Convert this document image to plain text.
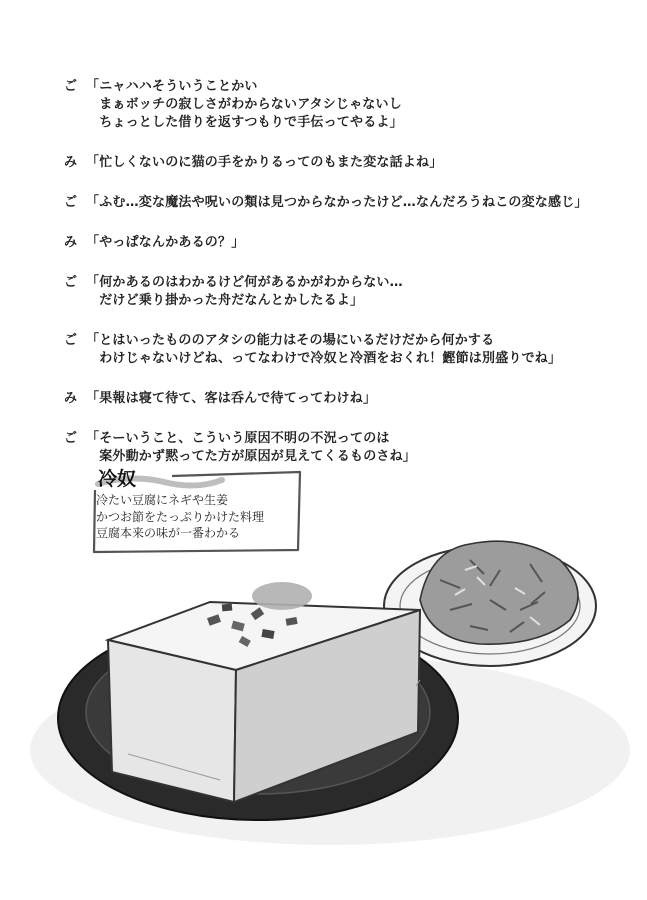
ご 「ニャハハそういうことかい
　まぁボッチの寂しさがわからないアタシじゃないし
　ちょっとした借りを返すつもりで手伝ってやるよ」
み 「忙しくないのに猫の手をかりるってのもまた変な話よね」
ご 「ふむ…変な魔法や呪いの類は見つからなかったけど…なんだろうねこの変な感じ」
み 「やっぱなんかあるの？」
ご 「何かあるのはわかるけど何があるかがわからない…
　だけど乗り掛かった舟だなんとかしたるよ」
ご 「とはいったもののアタシの能力はその場にいるだけだから何かする
　わけじゃないけどね、ってなわけで冷奴と冷酒をおくれ！鰹節は別盛りでね」
み 「果報は寝て待て、客は呑んで待てってわけね」
ご 「そーいうこと、こういう原因不明の不況ってのは
　案外動かず黙ってた方が原因が見えてくるものさね」
冷奴
冷たい豆腐にネギや生姜
かつお節をたっぷりかけた料理
豆腐本来の味が一番わかる
